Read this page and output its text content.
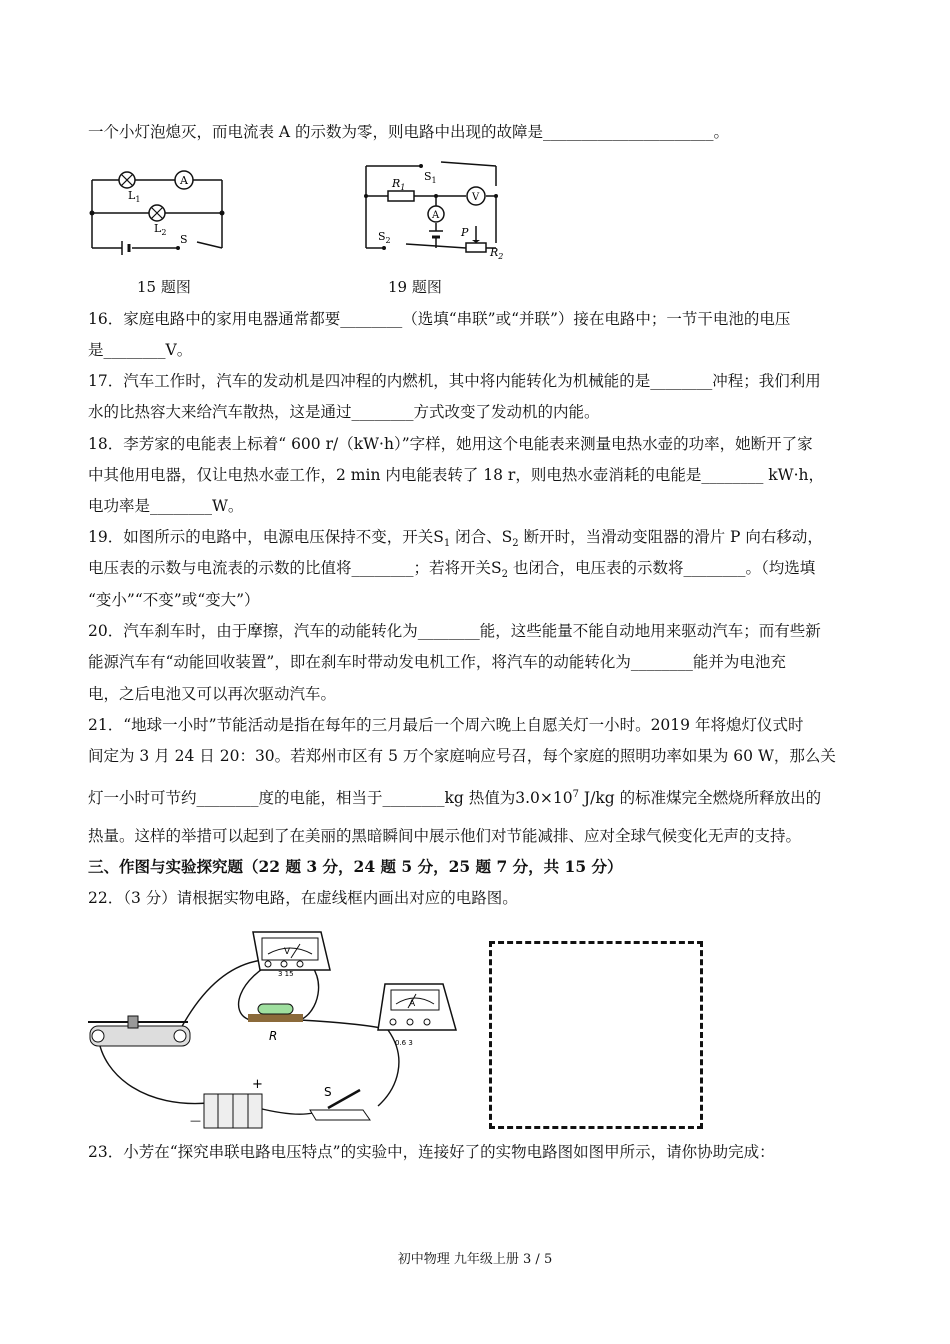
一个小灯泡熄灭，而电流表 A 的示数为零，则电路中出现的故障是______________________。
A
$L_1$
$L_2$
S
V
A
$R_1$
$S_1$
$S_2$
P
$R_2$
15 题图	19 题图
16．家庭电路中的家用电器通常都要________（选填“串联”或“并联”）接在电路中；一节干电池的电压
是________V。
17．汽车工作时，汽车的发动机是四冲程的内燃机，其中将内能转化为机械能的是________冲程；我们利用
水的比热容大来给汽车散热，这是通过________方式改变了发动机的内能。
18．李芳家的电能表上标着“ 600 r/（kW·h）”字样，她用这个电能表来测量电热水壶的功率，她断开了家
中其他用电器，仅让电热水壶工作，2 min 内电能表转了 18 r，则电热水壶消耗的电能是________ kW·h，
电功率是________W。
19．如图所示的电路中，电源电压保持不变，开关$S_1$ 闭合、$S_2$ 断开时，当滑动变阻器的滑片 P 向右移动，
电压表的示数与电流表的示数的比值将________；若将开关$S_2$ 也闭合，电压表的示数将________。（均选填
“变小”“不变”或“变大”）
20．汽车刹车时，由于摩擦，汽车的动能转化为________能，这些能量不能自动地用来驱动汽车；而有些新
能源汽车有“动能回收装置”，即在刹车时带动发电机工作，将汽车的动能转化为________能并为电池充
电，之后电池又可以再次驱动汽车。
21．“地球一小时”节能活动是指在每年的三月最后一个周六晚上自愿关灯一小时。2019 年将熄灯仪式时
间定为 3 月 24 日 20：30。若郑州市区有 5 万个家庭响应号召，每个家庭的照明功率如果为 60 W，那么关
灯一小时可节约________度的电能，相当于________kg 热值为$3.0\times 10^7$ J/kg 的标准煤完全燃烧所释放出的
热量。这样的举措可以起到了在美丽的黑暗瞬间中展示他们对节能减排、应对全球气候变化无声的支持。
三、作图与实验探究题（22 题 3 分，24 题 5 分，25 题 7 分，共 15 分）
22．（3 分）请根据实物电路，在虚线框内画出对应的电路图。
V
3 15
R
A
0.6 3
+
—
S
23．小芳在“探究串联电路电压特点”的实验中，连接好了的实物电路图如图甲所示，请你协助完成：
初中物理 九年级上册 3 / 5
